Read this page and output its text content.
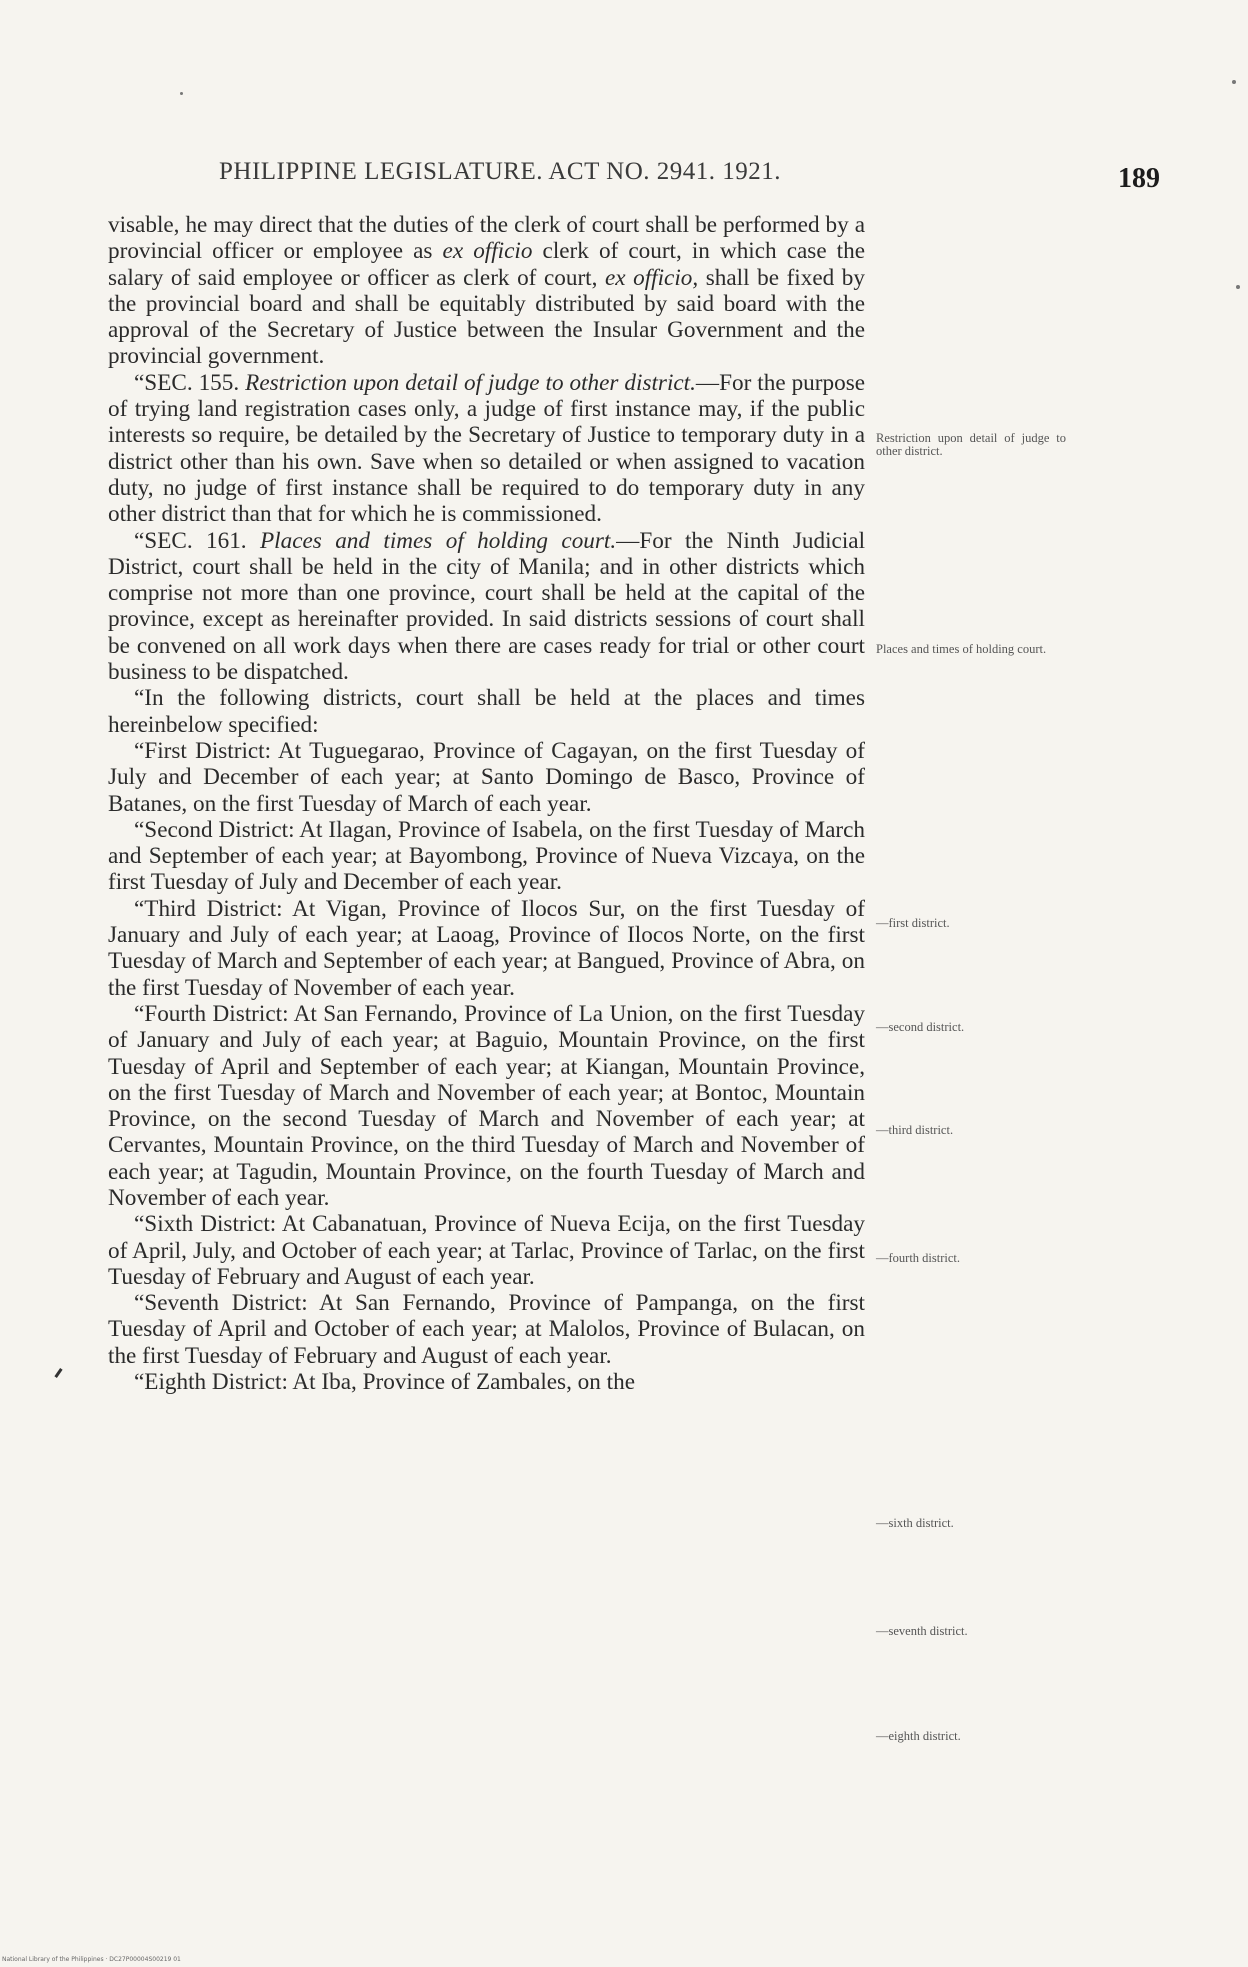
PHILIPPINE LEGISLATURE. ACT NO. 2941. 1921.	189

visable, he may direct that the duties of the clerk of court shall be performed by a provincial officer or employee as ex officio clerk of court, in which case the salary of said employee or officer as clerk of court, ex officio, shall be fixed by the provincial board and shall be equitably distributed by said board with the approval of the Secretary of Justice between the Insular Government and the provincial government.

“SEC. 155. Restriction upon detail of judge to other district.—For the purpose of trying land registration cases only, a judge of first instance may, if the public interests so require, be detailed by the Secretary of Justice to temporary duty in a district other than his own. Save when so detailed or when assigned to vacation duty, no judge of first instance shall be required to do temporary duty in any other district than that for which he is commissioned.

“SEC. 161. Places and times of holding court.—For the Ninth Judicial District, court shall be held in the city of Manila; and in other districts which comprise not more than one province, court shall be held at the capital of the province, except as hereinafter provided. In said districts sessions of court shall be convened on all work days when there are cases ready for trial or other court business to be dispatched.

“In the following districts, court shall be held at the places and times hereinbelow specified:

“First District: At Tuguegarao, Province of Cagayan, on the first Tuesday of July and December of each year; at Santo Domingo de Basco, Province of Batanes, on the first Tuesday of March of each year.

“Second District: At Ilagan, Province of Isabela, on the first Tuesday of March and September of each year; at Bayombong, Province of Nueva Vizcaya, on the first Tuesday of July and December of each year.

“Third District: At Vigan, Province of Ilocos Sur, on the first Tuesday of January and July of each year; at Laoag, Province of Ilocos Norte, on the first Tuesday of March and September of each year; at Bangued, Province of Abra, on the first Tuesday of November of each year.

“Fourth District: At San Fernando, Province of La Union, on the first Tuesday of January and July of each year; at Baguio, Mountain Province, on the first Tuesday of April and September of each year; at Kiangan, Mountain Province, on the first Tuesday of March and November of each year; at Bontoc, Mountain Province, on the second Tuesday of March and November of each year; at Cervantes, Mountain Province, on the third Tuesday of March and November of each year; at Tagudin, Mountain Province, on the fourth Tuesday of March and November of each year.

“Sixth District: At Cabanatuan, Province of Nueva Ecija, on the first Tuesday of April, July, and October of each year; at Tarlac, Province of Tarlac, on the first Tuesday of February and August of each year.

“Seventh District: At San Fernando, Province of Pampanga, on the first Tuesday of April and October of each year; at Malolos, Province of Bulacan, on the first Tuesday of February and August of each year.

“Eighth District: At Iba, Province of Zambales, on the

Restriction upon detail of judge to other district.
Places and times of holding court.
—first district.
—second district.
—third district.
—fourth district.
—sixth district.
—seventh district.
—eighth district.
National Library of the Philippines · DC27P00004S00219 01
